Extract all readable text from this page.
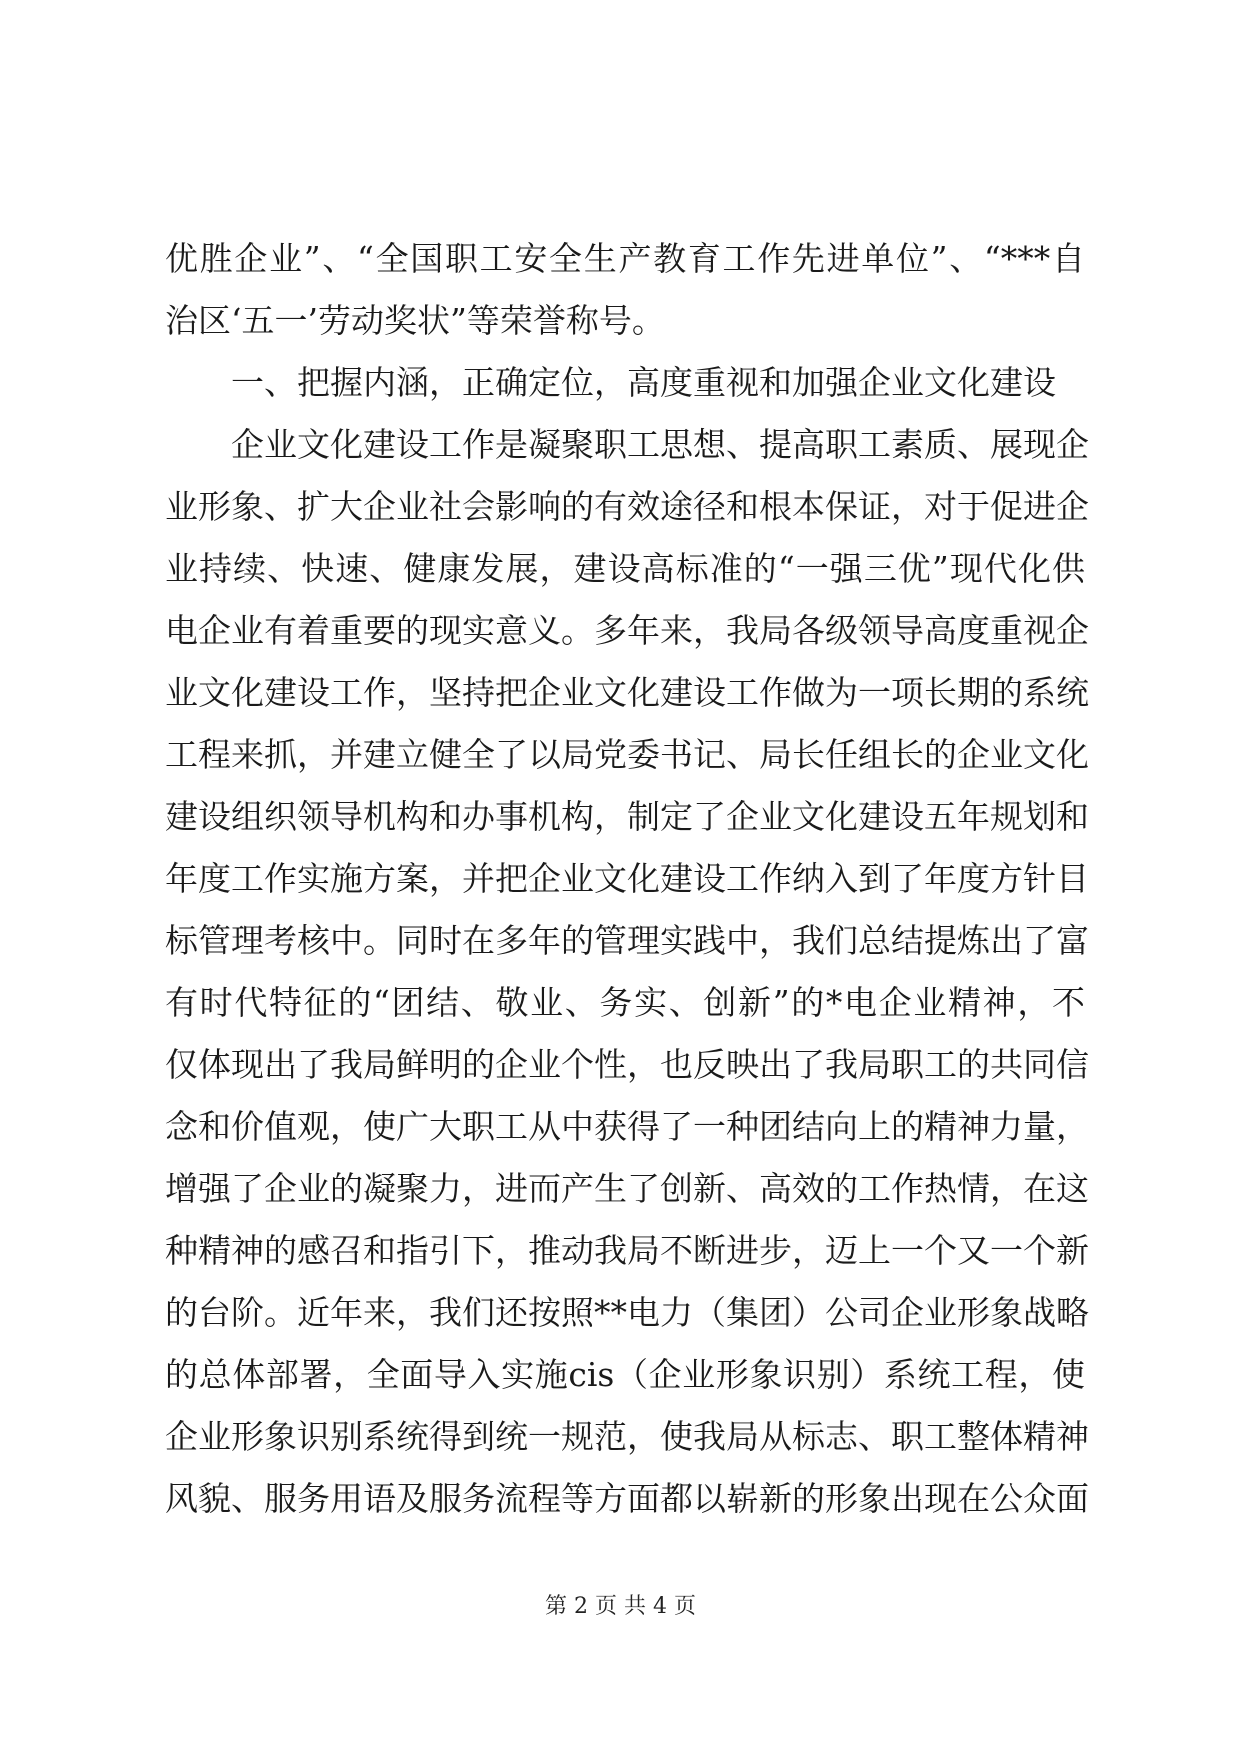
优胜企业”、“全国职工安全生产教育工作先进单位”、“***自
治区‘五一’劳动奖状”等荣誉称号。
一、把握内涵，正确定位，高度重视和加强企业文化建设
企业文化建设工作是凝聚职工思想、提高职工素质、展现企
业形象、扩大企业社会影响的有效途径和根本保证，对于促进企
业持续、快速、健康发展，建设高标准的“一强三优”现代化供
电企业有着重要的现实意义。多年来，我局各级领导高度重视企
业文化建设工作，坚持把企业文化建设工作做为一项长期的系统
工程来抓，并建立健全了以局党委书记、局长任组长的企业文化
建设组织领导机构和办事机构，制定了企业文化建设五年规划和
年度工作实施方案，并把企业文化建设工作纳入到了年度方针目
标管理考核中。同时在多年的管理实践中，我们总结提炼出了富
有时代特征的“团结、敬业、务实、创新”的*电企业精神，不
仅体现出了我局鲜明的企业个性，也反映出了我局职工的共同信
念和价值观，使广大职工从中获得了一种团结向上的精神力量，
增强了企业的凝聚力，进而产生了创新、高效的工作热情，在这
种精神的感召和指引下，推动我局不断进步，迈上一个又一个新
的台阶。近年来，我们还按照**电力（集团）公司企业形象战略
的总体部署，全面导入实施cis（企业形象识别）系统工程，使
企业形象识别系统得到统一规范，使我局从标志、职工整体精神
风貌、服务用语及服务流程等方面都以崭新的形象出现在公众面
第 2 页 共 4 页
